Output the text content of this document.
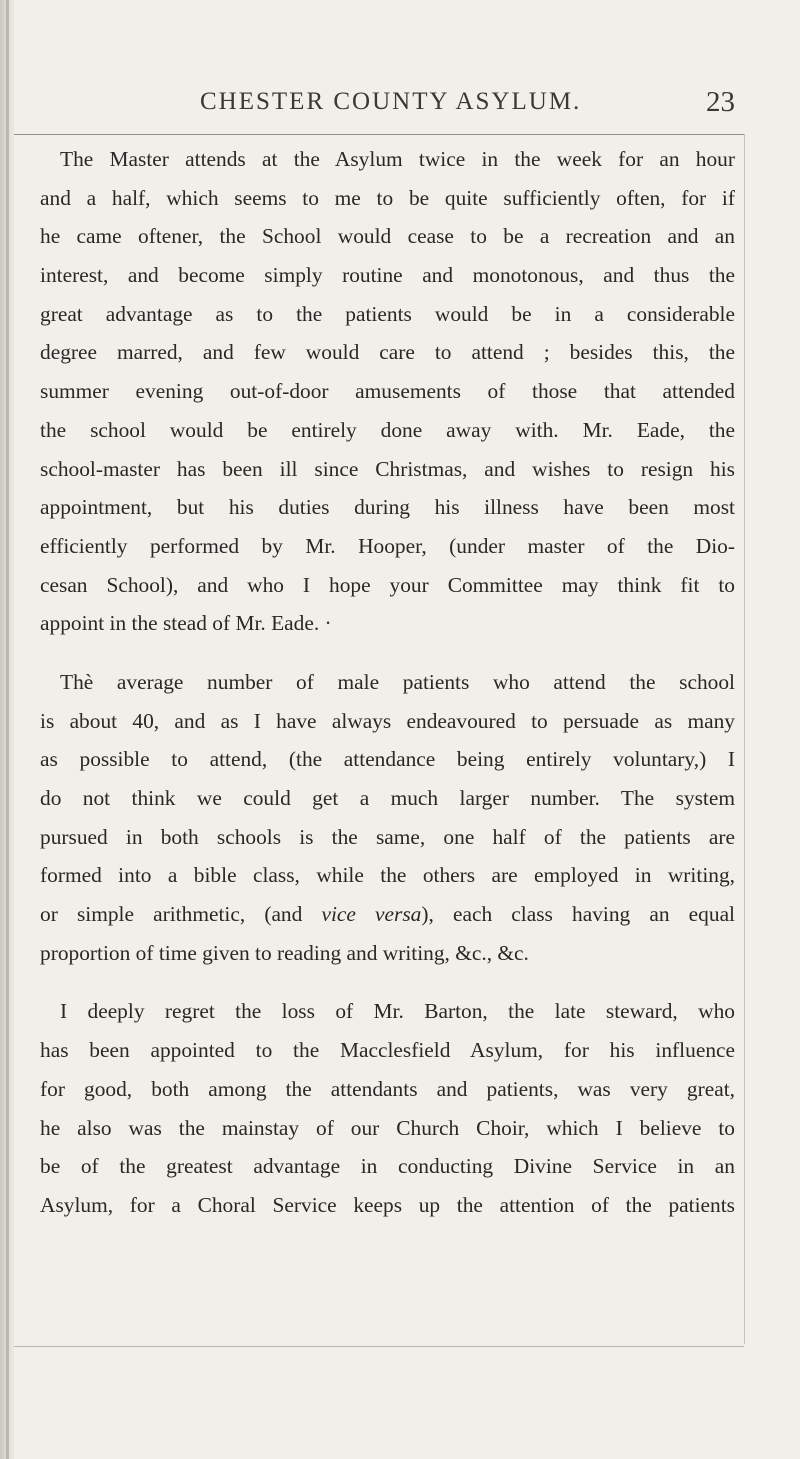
CHESTER COUNTY ASYLUM.	23
The Master attends at the Asylum twice in the week for an hour
and a half, which seems to me to be quite sufficiently often, for if
he came oftener, the School would cease to be a recreation and an
interest, and become simply routine and monotonous, and thus the
great advantage as to the patients would be in a considerable
degree marred, and few would care to attend ; besides this, the
summer evening out-of-door amusements of those that attended
the school would be entirely done away with. Mr. Eade, the
school-master has been ill since Christmas, and wishes to resign his
appointment, but his duties during his illness have been most
efficiently performed by Mr. Hooper, (under master of the Dio-
cesan School), and who I hope your Committee may think fit to
appoint in the stead of Mr. Eade. ·
Thè average number of male patients who attend the school
is about 40, and as I have always endeavoured to persuade as many
as possible to attend, (the attendance being entirely voluntary,) I
do not think we could get a much larger number. The system
pursued in both schools is the same, one half of the patients are
formed into a bible class, while the others are employed in writing,
or simple arithmetic, (and vice versa), each class having an equal
proportion of time given to reading and writing, &c., &c.
I deeply regret the loss of Mr. Barton, the late steward, who
has been appointed to the Macclesfield Asylum, for his influence
for good, both among the attendants and patients, was very great,
he also was the mainstay of our Church Choir, which I believe to
be of the greatest advantage in conducting Divine Service in an
Asylum, for a Choral Service keeps up the attention of the patients
